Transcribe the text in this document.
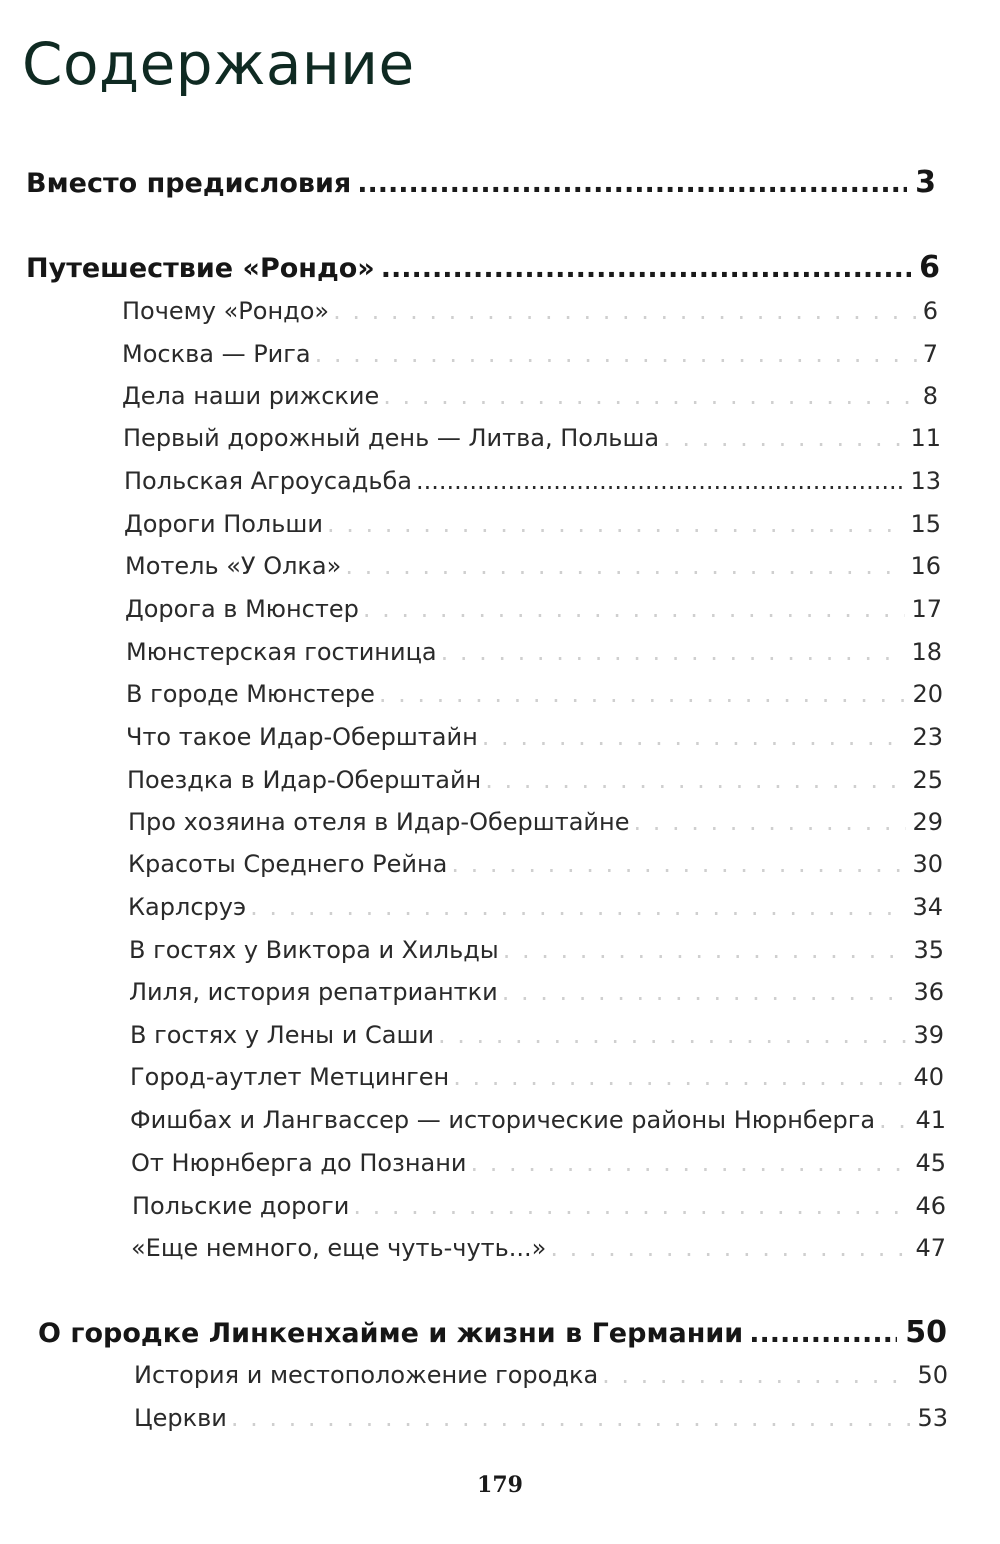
Содержание
Вместо предисловия .....	3
Путешествие «Рондо» .....	6
Почему «Рондо» . . .	6
Москва — Рига . . .	7
Дела наши рижские . . .	8
Первый дорожный день — Литва, Польша . . .	11
Польская Агроусадьба .....	13
Дороги Польши . . .	15
Мотель «У Олка» . . .	16
Дорога в Мюнстер . . .	17
Мюнстерская гостиница . . .	18
В городе Мюнстере . . .	20
Что такое Идар-Оберштайн . . .	23
Поездка в Идар-Оберштайн . . .	25
Про хозяина отеля в Идар-Оберштайне . . .	29
Красоты Среднего Рейна . . .	30
Карлсруэ . . .	34
В гостях у Виктора и Хильды . . .	35
Лиля, история репатриантки . . .	36
В гостях у Лены и Саши . . .	39
Город-аутлет Метцинген . . .	40
Фишбах и Лангвассер — исторические районы Нюрнберга . . . 41
От Нюрнберга до Познани . . .	45
Польские дороги . . .	46
«Еще немного, еще чуть-чуть...» . . .	47
О городке Линкенхайме и жизни в Германии .....	50
История и местоположение городка . . .	50
Церкви . . .	53
179
